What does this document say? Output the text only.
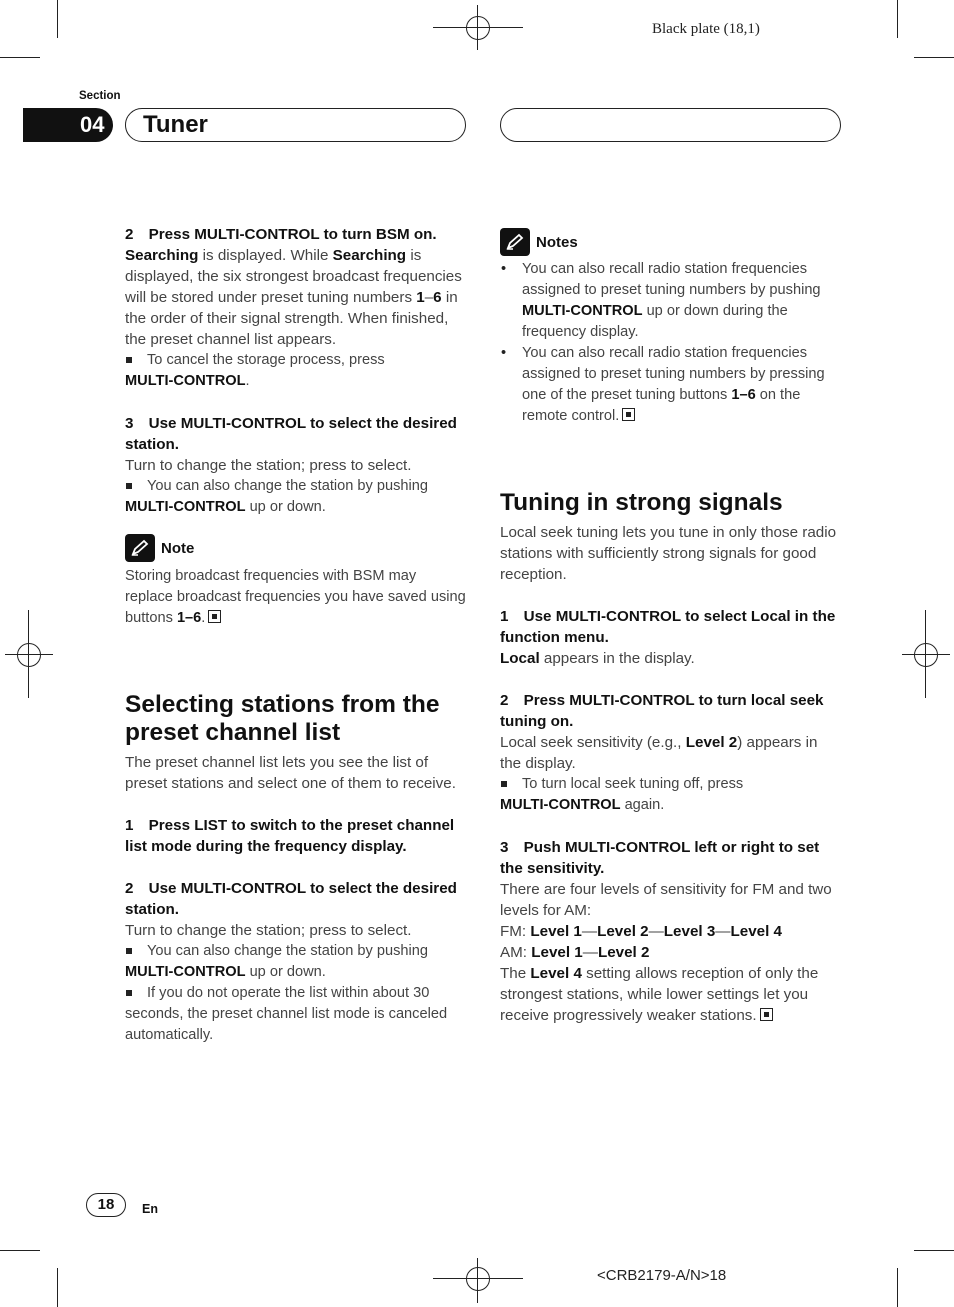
Black plate (18,1)
Section
04 Tuner

2 Press MULTI-CONTROL to turn BSM on.

Searching is displayed. While Searching is displayed, the six strongest broadcast frequencies will be stored under preset tuning numbers 1–6 in the order of their signal strength. When finished, the preset channel list appears.

To cancel the storage process, press

MULTI-CONTROL.

3 Use MULTI-CONTROL to select the desired station.

Turn to change the station; press to select.

You can also change the station by pushing

MULTI-CONTROL up or down.

Note

Storing broadcast frequencies with BSM may replace broadcast frequencies you have saved using buttons 1–6.

Selecting stations from the preset channel list

The preset channel list lets you see the list of preset stations and select one of them to receive.

1 Press LIST to switch to the preset channel list mode during the frequency display.

2 Use MULTI-CONTROL to select the desired station.

Turn to change the station; press to select.

You can also change the station by pushing

MULTI-CONTROL up or down.

If you do not operate the list within about 30

seconds, the preset channel list mode is canceled automatically.

Notes

• You can also recall radio station frequencies assigned to preset tuning numbers by pushing MULTI-CONTROL up or down during the frequency display.

• You can also recall radio station frequencies assigned to preset tuning numbers by pressing one of the preset tuning buttons 1–6 on the remote control.

Tuning in strong signals

Local seek tuning lets you tune in only those radio stations with sufficiently strong signals for good reception.

1 Use MULTI-CONTROL to select Local in the function menu.

Local appears in the display.

2 Press MULTI-CONTROL to turn local seek tuning on.

Local seek sensitivity (e.g., Level 2) appears in the display.

To turn local seek tuning off, press

MULTI-CONTROL again.

3 Push MULTI-CONTROL left or right to set the sensitivity.

There are four levels of sensitivity for FM and two levels for AM:

FM: Level 1—Level 2—Level 3—Level 4

AM: Level 1—Level 2

The Level 4 setting allows reception of only the strongest stations, while lower settings let you receive progressively weaker stations.

18	En
<CRB2179-A/N>18
